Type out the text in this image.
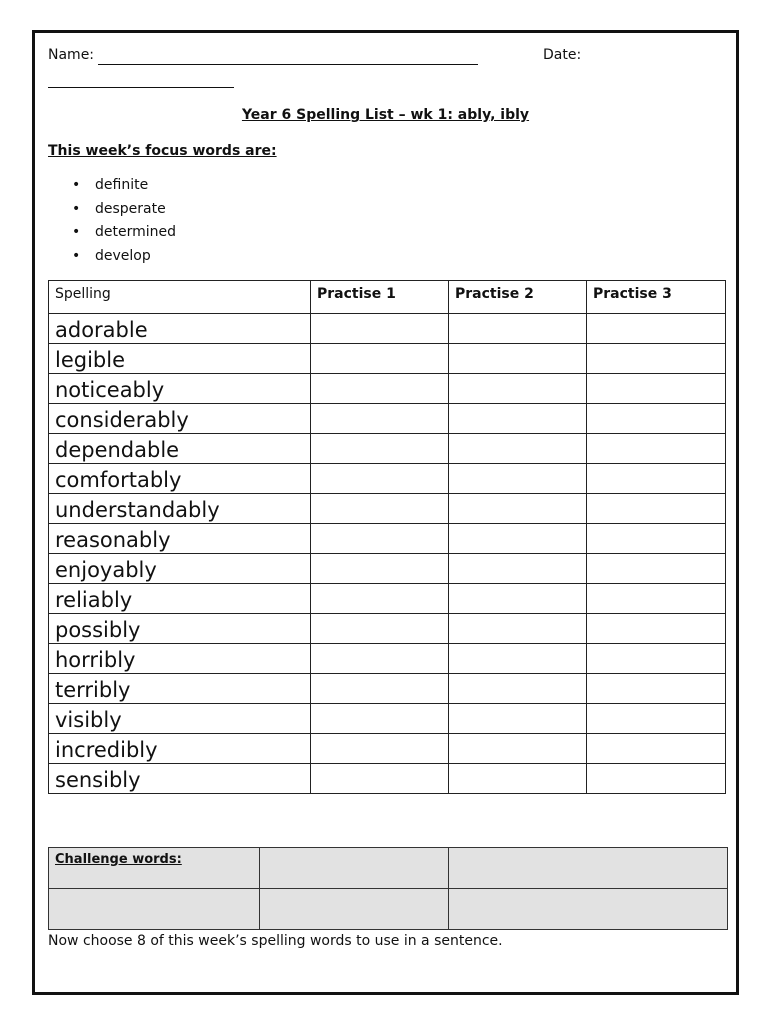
Name:	Date:
Year 6 Spelling List – wk 1: ably, ibly
This week’s focus words are:
• definite
• desperate
• determined
• develop
Spelling	Practise 1	Practise 2	Practise 3
adorable			
legible			
noticeably			
considerably			
dependable			
comfortably			
understandably			
reasonably			
enjoyably			
reliably			
possibly			
horribly			
terribly			
visibly			
incredibly			
sensibly			
Challenge words:		

Now choose 8 of this week’s spelling words to use in a sentence.
